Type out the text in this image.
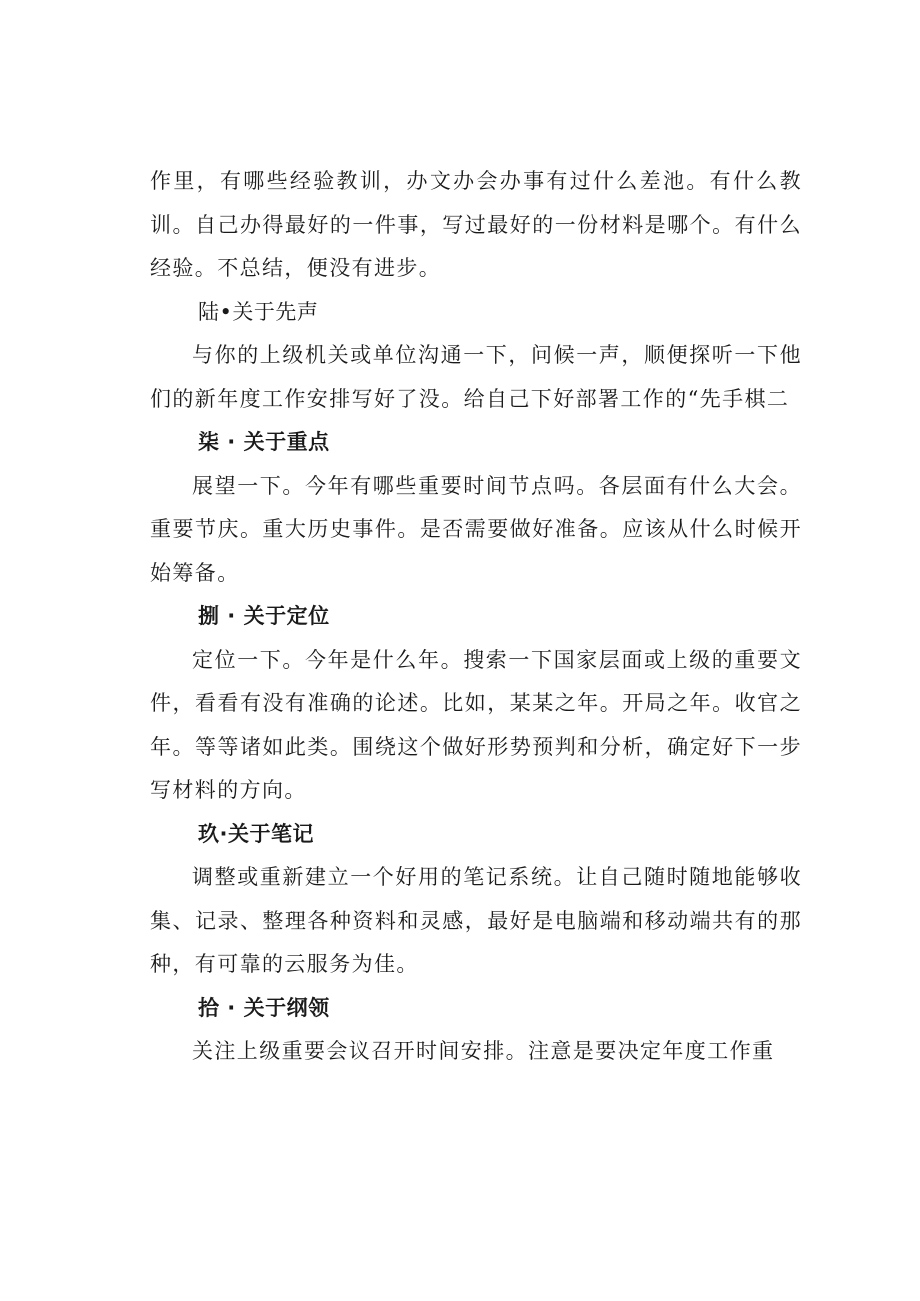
作里，有哪些经验教训，办文办会办事有过什么差池。有什么教训。自己办得最好的一件事，写过最好的一份材料是哪个。有什么经验。不总结，便没有进步。

陆•关于先声

与你的上级机关或单位沟通一下，问候一声，顺便探听一下他们的新年度工作安排写好了没。给自己下好部署工作的“先手棋二

柒 · 关于重点

展望一下。今年有哪些重要时间节点吗。各层面有什么大会。重要节庆。重大历史事件。是否需要做好准备。应该从什么时候开始筹备。

捌 · 关于定位

定位一下。今年是什么年。搜索一下国家层面或上级的重要文件，看看有没有准确的论述。比如，某某之年。开局之年。收官之年。等等诸如此类。围绕这个做好形势预判和分析，确定好下一步写材料的方向。

玖·关于笔记

调整或重新建立一个好用的笔记系统。让自己随时随地能够收集、记录、整理各种资料和灵感，最好是电脑端和移动端共有的那种，有可靠的云服务为佳。

拾 · 关于纲领

关注上级重要会议召开时间安排。注意是要决定年度工作重
